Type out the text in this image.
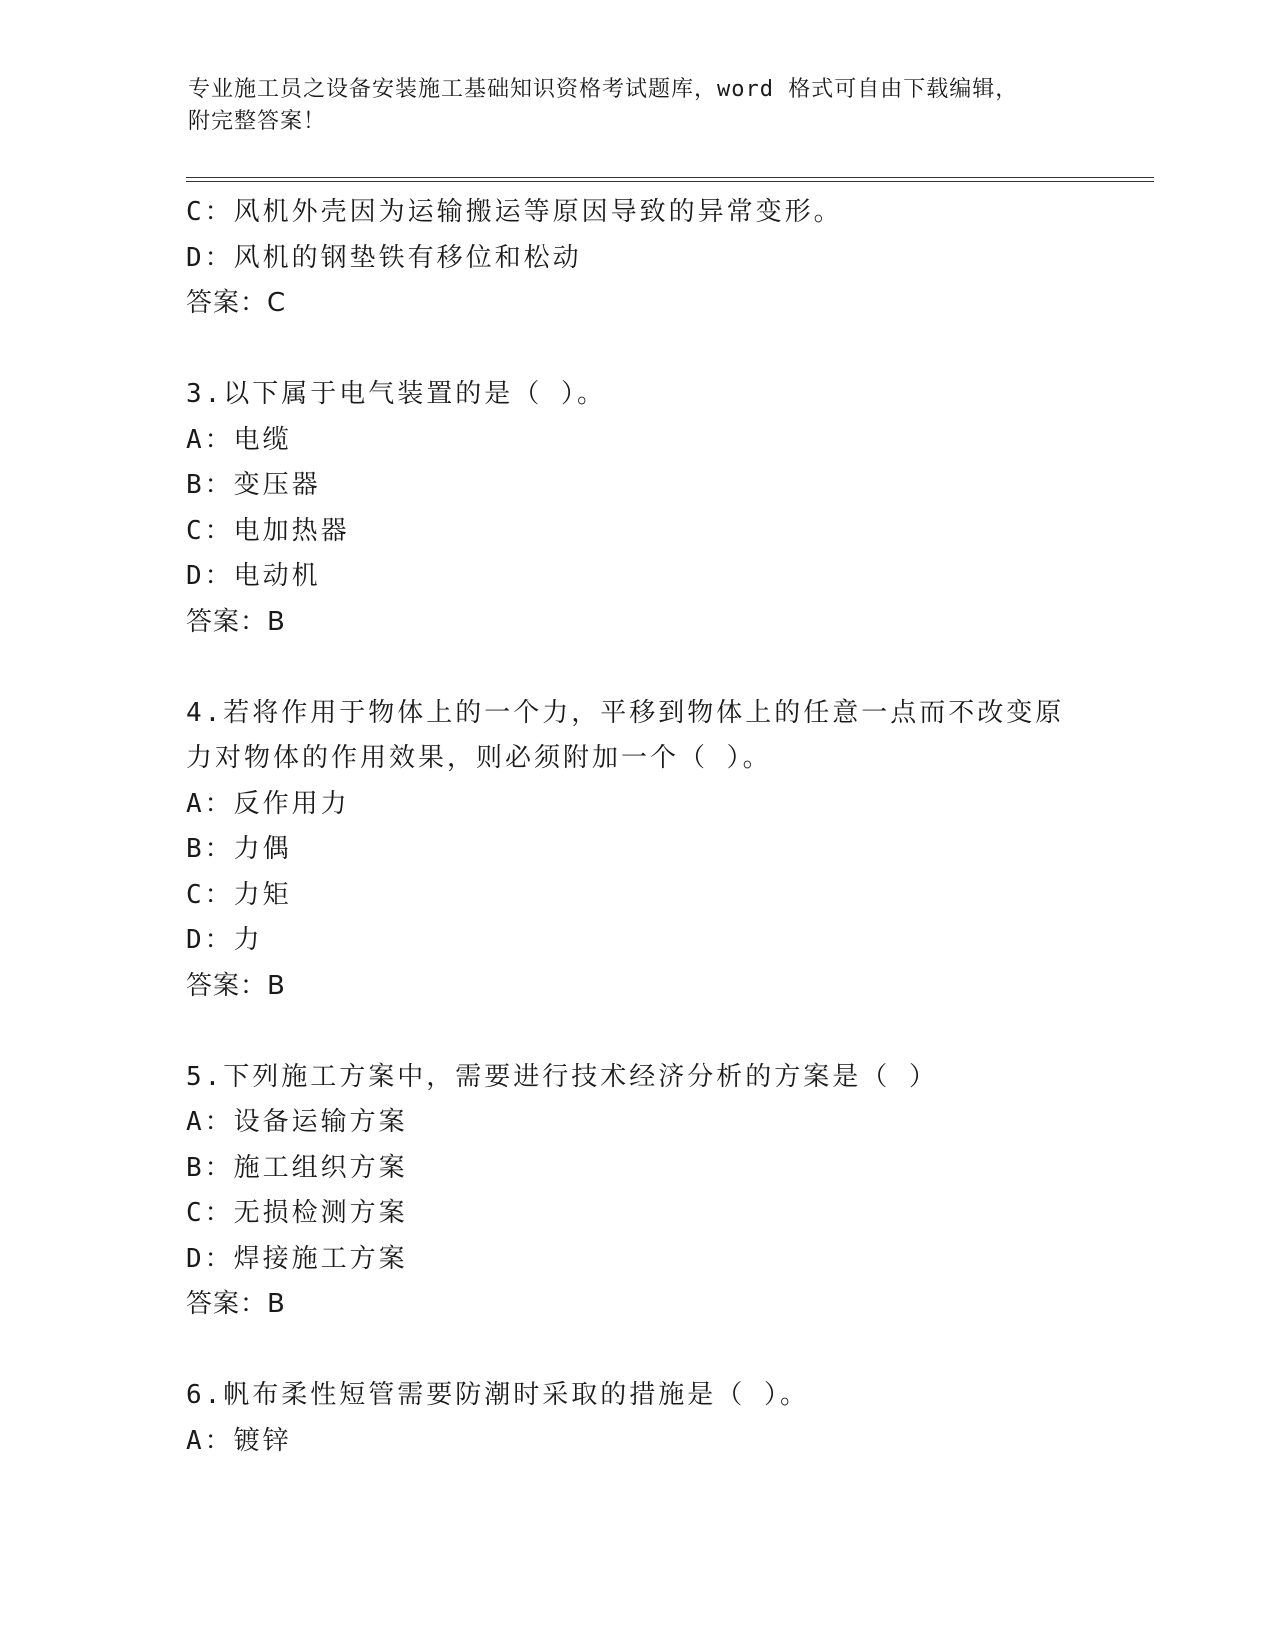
专业施工员之设备安装施工基础知识资格考试题库，word 格式可自由下载编辑，
附完整答案！
C：风机外壳因为运输搬运等原因导致的异常变形。
D：风机的钢垫铁有移位和松动
答案：C
3.以下属于电气装置的是（ ）。
A：电缆
B：变压器
C：电加热器
D：电动机
答案：B
4.若将作用于物体上的一个力，平移到物体上的任意一点而不改变原
力对物体的作用效果，则必须附加一个（ ）。
A：反作用力
B：力偶
C：力矩
D：力
答案：B
5.下列施工方案中，需要进行技术经济分析的方案是（ ）
A：设备运输方案
B：施工组织方案
C：无损检测方案
D：焊接施工方案
答案：B
6.帆布柔性短管需要防潮时采取的措施是（ ）。
A：镀锌
